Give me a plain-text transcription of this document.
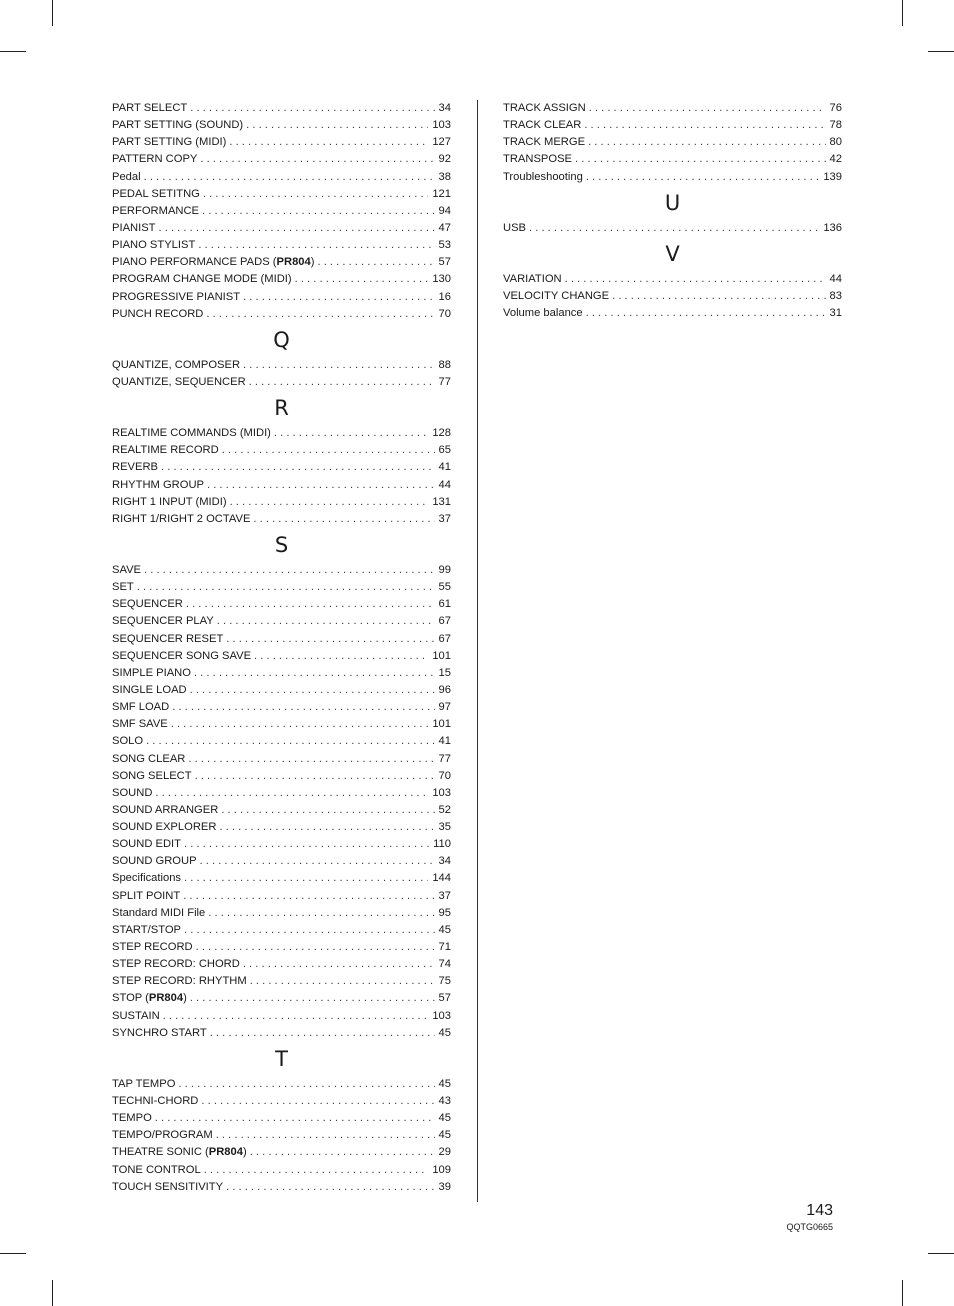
PART SELECT . . .	34
PART SETTING (SOUND) . . .	103
PART SETTING (MIDI) . . .	127
PATTERN COPY . . .	92
Pedal . . .	38
PEDAL SETITNG . . .	121
PERFORMANCE . . .	94
PIANIST . . .	47
PIANO STYLIST . . .	53
PIANO PERFORMANCE PADS (PR804) . . .	57
PROGRAM CHANGE MODE (MIDI) . . .	130
PROGRESSIVE PIANIST . . .	16
PUNCH RECORD . . .	70
Q
QUANTIZE, COMPOSER . . .	88
QUANTIZE, SEQUENCER . . .	77
R
REALTIME COMMANDS (MIDI) . . .	128
REALTIME RECORD . . .	65
REVERB . . .	41
RHYTHM GROUP . . .	44
RIGHT 1 INPUT (MIDI) . . .	131
RIGHT 1/RIGHT 2 OCTAVE . . .	37
S
SAVE . . .	99
SET . . .	55
SEQUENCER . . .	61
SEQUENCER PLAY . . .	67
SEQUENCER RESET . . .	67
SEQUENCER SONG SAVE . . .	101
SIMPLE PIANO . . .	15
SINGLE LOAD . . .	96
SMF LOAD . . .	97
SMF SAVE . . .	101
SOLO . . .	41
SONG CLEAR . . .	77
SONG SELECT . . .	70
SOUND . . .	103
SOUND ARRANGER . . .	52
SOUND EXPLORER . . .	35
SOUND EDIT . . .	110
SOUND GROUP . . .	34
Specifications . . .	144
SPLIT POINT . . .	37
Standard MIDI File . . .	95
START/STOP . . .	45
STEP RECORD . . .	71
STEP RECORD: CHORD . . .	74
STEP RECORD: RHYTHM . . .	75
STOP (PR804) . . .	57
SUSTAIN . . .	103
SYNCHRO START . . .	45
T
TAP TEMPO . . .	45
TECHNI-CHORD . . .	43
TEMPO . . .	45
TEMPO/PROGRAM . . .	45
THEATRE SONIC (PR804) . . .	29
TONE CONTROL . . .	109
TOUCH SENSITIVITY . . .	39
TRACK ASSIGN . . .	76
TRACK CLEAR . . .	78
TRACK MERGE . . .	80
TRANSPOSE . . .	42
Troubleshooting . . .	139
U
USB . . .	136
V
VARIATION . . .	44
VELOCITY CHANGE . . .	83
Volume balance . . .	31
143
QQTG0665
